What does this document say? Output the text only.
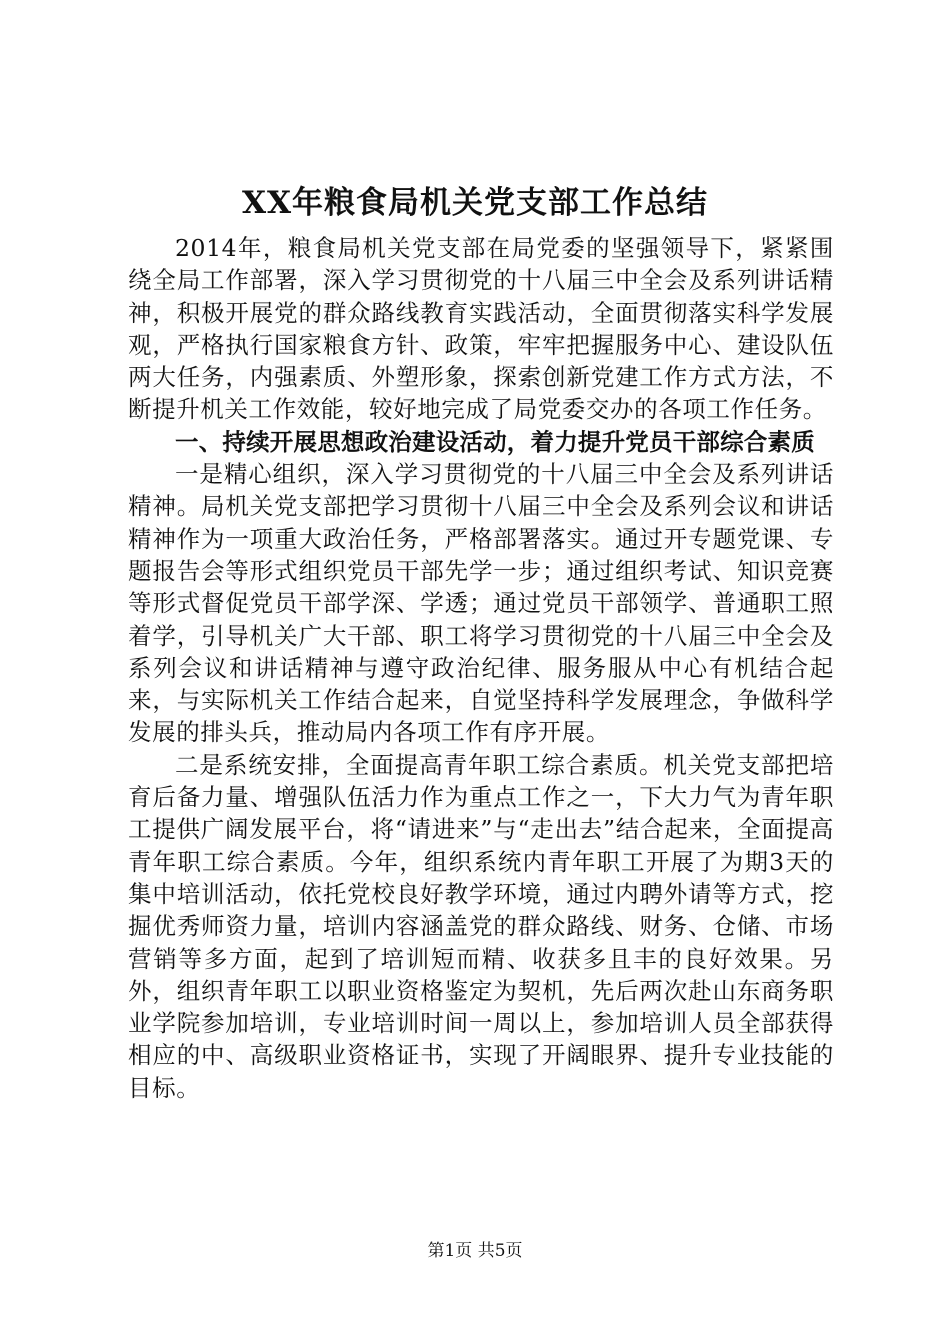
XX年粮食局机关党支部工作总结

2014年，粮食局机关党支部在局党委的坚强领导下，紧紧围绕全局工作部署，深入学习贯彻党的十八届三中全会及系列讲话精神，积极开展党的群众路线教育实践活动，全面贯彻落实科学发展观，严格执行国家粮食方针、政策，牢牢把握服务中心、建设队伍两大任务，内强素质、外塑形象，探索创新党建工作方式方法，不断提升机关工作效能，较好地完成了局党委交办的各项工作任务。

一、持续开展思想政治建设活动，着力提升党员干部综合素质

一是精心组织，深入学习贯彻党的十八届三中全会及系列讲话精神。局机关党支部把学习贯彻十八届三中全会及系列会议和讲话精神作为一项重大政治任务，严格部署落实。通过开专题党课、专题报告会等形式组织党员干部先学一步；通过组织考试、知识竞赛等形式督促党员干部学深、学透；通过党员干部领学、普通职工照着学，引导机关广大干部、职工将学习贯彻党的十八届三中全会及系列会议和讲话精神与遵守政治纪律、服务服从中心有机结合起来，与实际机关工作结合起来，自觉坚持科学发展理念，争做科学发展的排头兵，推动局内各项工作有序开展。

二是系统安排，全面提高青年职工综合素质。机关党支部把培育后备力量、增强队伍活力作为重点工作之一，下大力气为青年职工提供广阔发展平台，将“请进来”与“走出去”结合起来，全面提高青年职工综合素质。今年，组织系统内青年职工开展了为期3天的集中培训活动，依托党校良好教学环境，通过内聘外请等方式，挖掘优秀师资力量，培训内容涵盖党的群众路线、财务、仓储、市场营销等多方面，起到了培训短而精、收获多且丰的良好效果。另外，组织青年职工以职业资格鉴定为契机，先后两次赴山东商务职业学院参加培训，专业培训时间一周以上，参加培训人员全部获得相应的中、高级职业资格证书，实现了开阔眼界、提升专业技能的目标。

第1页 共5页
